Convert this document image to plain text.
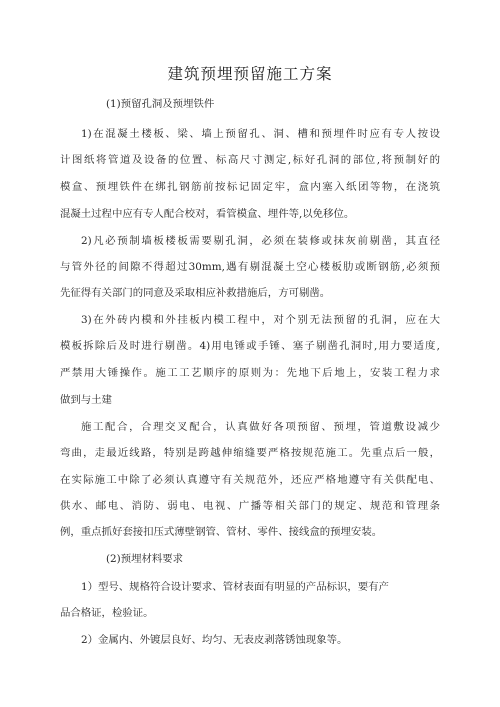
建筑预埋预留施工方案
(1)预留孔洞及预埋铁件
1)在混凝土楼板、梁、墙上预留孔、洞、槽和预埋件时应有专人按设
计图纸将管道及设备的位置、标高尺寸测定,标好孔洞的部位,将预制好的
模盒、预埋铁件在绑扎钢筋前按标记固定牢，盒内塞入纸团等物，在浇筑
混凝土过程中应有专人配合校对，看管模盒、埋件等,以免移位。
2)凡必预制墙板楼板需要剔孔洞，必须在装修或抹灰前剔凿，其直径
与管外径的间隙不得超过30mm,遇有剔混凝土空心楼板肋或断钢筋,必须预
先征得有关部门的同意及采取相应补救措施后，方可剔凿。
3)在外砖内模和外挂板内模工程中，对个别无法预留的孔洞，应在大
模板拆除后及时进行剔凿。4)用电锤或手锤、塞子剔凿孔洞时,用力要适度,
严禁用大锤操作。施工工艺顺序的原则为：先地下后地上，安装工程力求
做到与土建
施工配合，合理交叉配合，认真做好各项预留、预埋，管道敷设减少
弯曲，走最近线路，特别是跨越伸缩缝要严格按规范施工。先重点后一般，
在实际施工中除了必须认真遵守有关规范外，还应严格地遵守有关供配电、
供水、邮电、消防、弱电、电视、广播等相关部门的规定、规范和管理条
例，重点抓好套接扣压式薄壁钢管、管材、零件、接线盒的预埋安装。
(2)预埋材料要求
1）型号、规格符合设计要求、管材表面有明显的产品标识，要有产
品合格证，检验证。
2）金属内、外镀层良好、均匀、无表皮剥落锈蚀现象等。
